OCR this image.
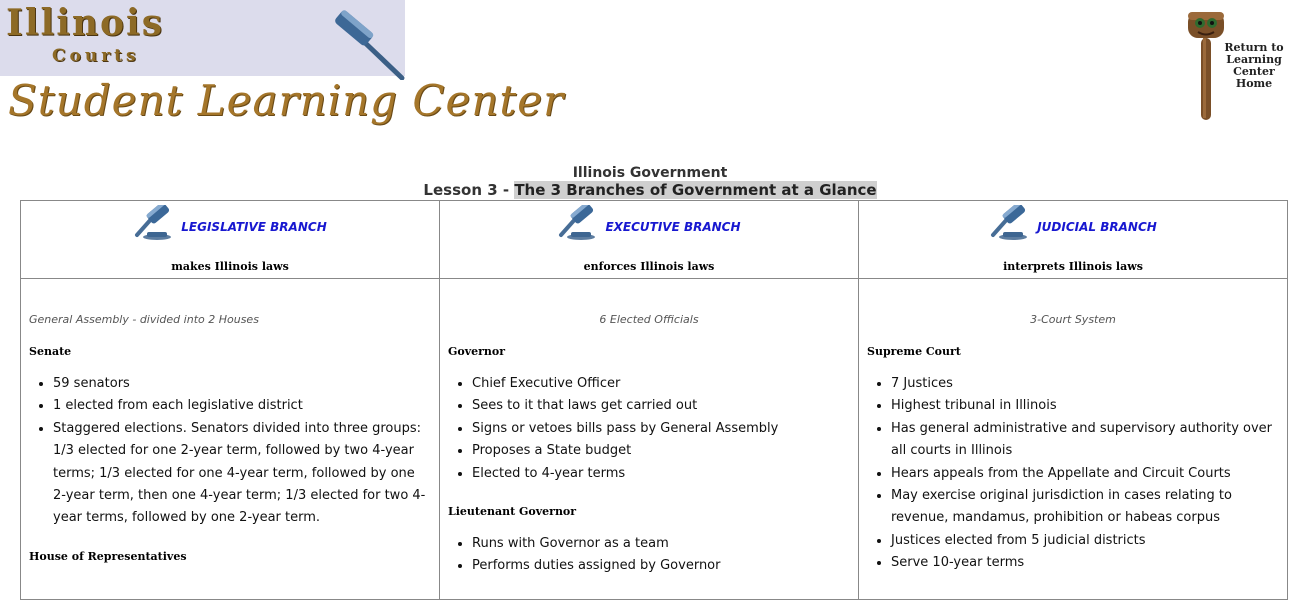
Illinois
Courts
Student Learning Center
Return to
Learning
Center
Home
Illinois Government
Lesson 3 - The 3 Branches of Government at a Glance
$^{LEGISLATIVE BRANCH}$
makes Illinois laws
General Assembly - divided into 2 Houses
Senate
• 59 senators
• 1 elected from each legislative district
• Staggered elections. Senators divided into three groups: 1/3 elected for one 2-year term, followed by two 4-year terms; 1/3 elected for one 4-year term, followed by one 2-year term, then one 4-year term; 1/3 elected for two 4-year terms, followed by one 2-year term.
House of Representatives
$^{EXECUTIVE BRANCH}$
enforces Illinois laws
6 Elected Officials
Governor
• Chief Executive Officer
• Sees to it that laws get carried out
• Signs or vetoes bills pass by General Assembly
• Proposes a State budget
• Elected to 4-year terms
Lieutenant Governor
• Runs with Governor as a team
• Performs duties assigned by Governor
$^{JUDICIAL BRANCH}$
interprets Illinois laws
3-Court System
Supreme Court
• 7 Justices
• Highest tribunal in Illinois
• Has general administrative and supervisory authority over all courts in Illinois
• Hears appeals from the Appellate and Circuit Courts
• May exercise original jurisdiction in cases relating to revenue, mandamus, prohibition or habeas corpus
• Justices elected from 5 judicial districts
• Serve 10-year terms
